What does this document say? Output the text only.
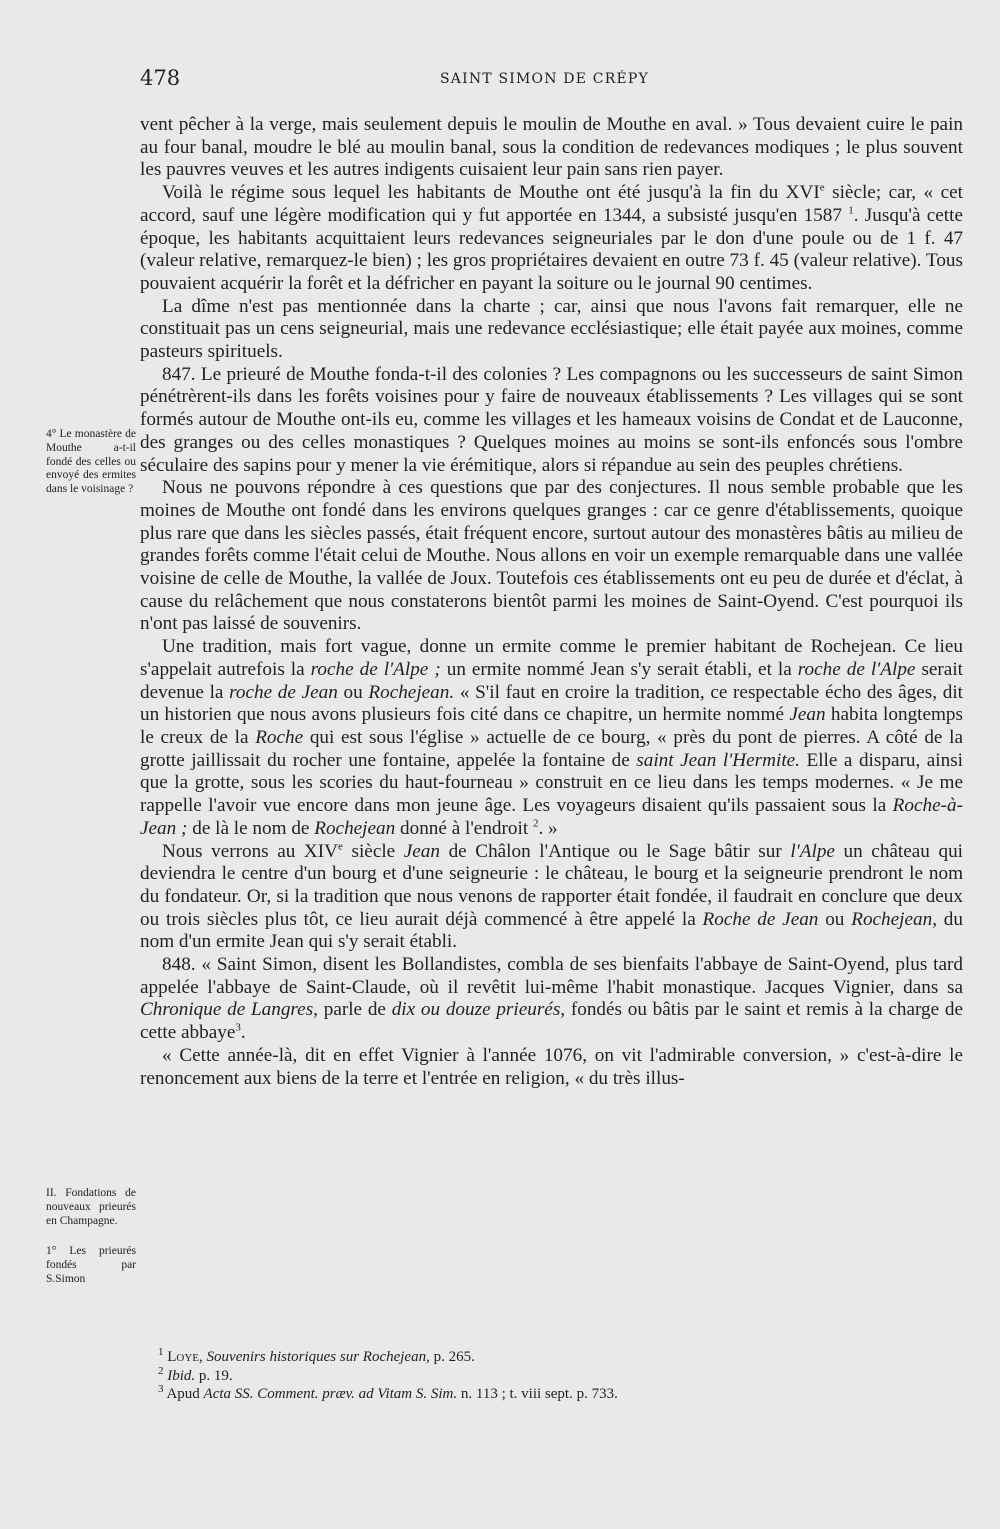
478	SAINT SIMON DE CRÉPY
4° Le monastère de Mouthe a-t-il fondé des celles ou envoyé des ermites dans le voisinage ?
II. Fondations de nouveaux prieurés en Champagne.
1° Les prieurés fondés par S.Simon

vent pêcher à la verge, mais seulement depuis le moulin de Mouthe en aval. » Tous devaient cuire le pain au four banal, moudre le blé au moulin banal, sous la condition de redevances modiques ; le plus souvent les pauvres veuves et les autres indigents cuisaient leur pain sans rien payer.

Voilà le régime sous lequel les habitants de Mouthe ont été jusqu'à la fin du XVIe siècle; car, « cet accord, sauf une légère modification qui y fut apportée en 1344, a subsisté jusqu'en 1587 $^1$. Jusqu'à cette époque, les habitants acquittaient leurs redevances seigneuriales par le don d'une poule ou de 1 f. 47 (valeur relative, remarquez-le bien) ; les gros propriétaires devaient en outre 73 f. 45 (valeur relative). Tous pouvaient acquérir la forêt et la défricher en payant la soiture ou le journal 90 centimes.

La dîme n'est pas mentionnée dans la charte ; car, ainsi que nous l'avons fait remarquer, elle ne constituait pas un cens seigneurial, mais une redevance ecclésiastique; elle était payée aux moines, comme pasteurs spirituels.

847. Le prieuré de Mouthe fonda-t-il des colonies ? Les compagnons ou les successeurs de saint Simon pénétrèrent-ils dans les forêts voisines pour y faire de nouveaux établissements ? Les villages qui se sont formés autour de Mouthe ont-ils eu, comme les villages et les hameaux voisins de Condat et de Lauconne, des granges ou des celles monastiques ? Quelques moines au moins se sont-ils enfoncés sous l'ombre séculaire des sapins pour y mener la vie érémitique, alors si répandue au sein des peuples chrétiens.

Nous ne pouvons répondre à ces questions que par des conjectures. Il nous semble probable que les moines de Mouthe ont fondé dans les environs quelques granges : car ce genre d'établissements, quoique plus rare que dans les siècles passés, était fréquent encore, surtout autour des monastères bâtis au milieu de grandes forêts comme l'était celui de Mouthe. Nous allons en voir un exemple remarquable dans une vallée voisine de celle de Mouthe, la vallée de Joux. Toutefois ces établissements ont eu peu de durée et d'éclat, à cause du relâchement que nous constaterons bientôt parmi les moines de Saint-Oyend. C'est pourquoi ils n'ont pas laissé de souvenirs.

Une tradition, mais fort vague, donne un ermite comme le premier habitant de Rochejean. Ce lieu s'appelait autrefois la roche de l'Alpe ; un ermite nommé Jean s'y serait établi, et la roche de l'Alpe serait devenue la roche de Jean ou Rochejean. « S'il faut en croire la tradition, ce respectable écho des âges, dit un historien que nous avons plusieurs fois cité dans ce chapitre, un hermite nommé Jean habita longtemps le creux de la Roche qui est sous l'église » actuelle de ce bourg, « près du pont de pierres. A côté de la grotte jaillissait du rocher une fontaine, appelée la fontaine de saint Jean l'Hermite. Elle a disparu, ainsi que la grotte, sous les scories du haut-fourneau » construit en ce lieu dans les temps modernes. « Je me rappelle l'avoir vue encore dans mon jeune âge. Les voyageurs disaient qu'ils passaient sous la Roche-à-Jean ; de là le nom de Rochejean donné à l'endroit $^2$. »

Nous verrons au XIVe siècle Jean de Châlon l'Antique ou le Sage bâtir sur l'Alpe un château qui deviendra le centre d'un bourg et d'une seigneurie : le château, le bourg et la seigneurie prendront le nom du fondateur. Or, si la tradition que nous venons de rapporter était fondée, il faudrait en conclure que deux ou trois siècles plus tôt, ce lieu aurait déjà commencé à être appelé la Roche de Jean ou Rochejean, du nom d'un ermite Jean qui s'y serait établi.

848. « Saint Simon, disent les Bollandistes, combla de ses bienfaits l'abbaye de Saint-Oyend, plus tard appelée l'abbaye de Saint-Claude, où il revêtit lui-même l'habit monastique. Jacques Vignier, dans sa Chronique de Langres, parle de dix ou douze prieurés, fondés ou bâtis par le saint et remis à la charge de cette abbaye$^3$.

« Cette année-là, dit en effet Vignier à l'année 1076, on vit l'admirable conversion, » c'est-à-dire le renoncement aux biens de la terre et l'entrée en religion, « du très illus-

$^1$ Loye, Souvenirs historiques sur Rochejean, p. 265.
$^2$ Ibid. p. 19.
$^3$ Apud Acta SS. Comment. præv. ad Vitam S. Sim. n. 113 ; t. viii sept. p. 733.
